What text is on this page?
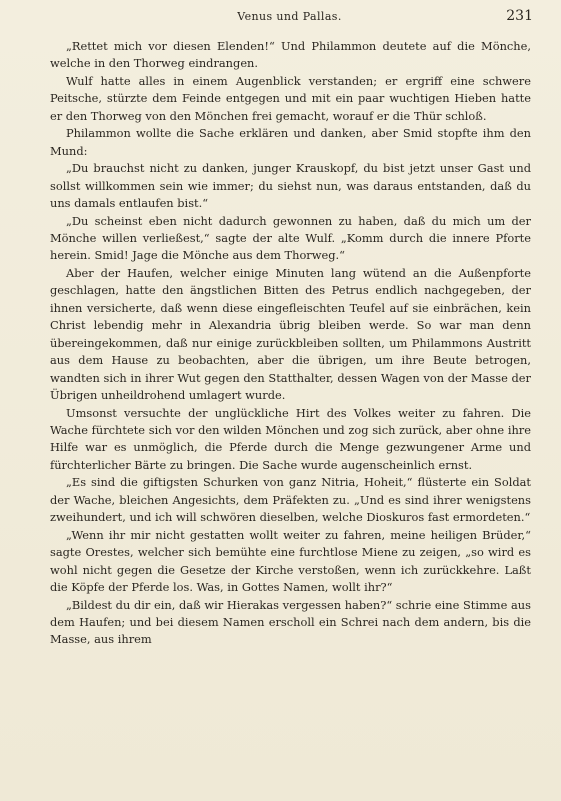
Venus und Pallas.	231

„Rettet mich vor diesen Elenden!“ Und Philammon deutete auf die Mönche, welche in den Thorweg eindrangen.

Wulf hatte alles in einem Augenblick verstanden; er ergriff eine schwere Peitsche, stürzte dem Feinde entgegen und mit ein paar wuchtigen Hieben hatte er den Thorweg von den Mönchen frei gemacht, worauf er die Thür schloß.

Philammon wollte die Sache erklären und danken, aber Smid stopfte ihm den Mund:

„Du brauchst nicht zu danken, junger Krauskopf, du bist jetzt unser Gast und sollst willkommen sein wie immer; du siehst nun, was daraus entstanden, daß du uns damals entlaufen bist.“

„Du scheinst eben nicht dadurch gewonnen zu haben, daß du mich um der Mönche willen verließest,“ sagte der alte Wulf. „Komm durch die innere Pforte herein. Smid! Jage die Mönche aus dem Thorweg.“

Aber der Haufen, welcher einige Minuten lang wütend an die Außenpforte geschlagen, hatte den ängstlichen Bitten des Petrus endlich nachgegeben, der ihnen versicherte, daß wenn diese eingefleischten Teufel auf sie einbrächen, kein Christ lebendig mehr in Alexandria übrig bleiben werde. So war man denn übereingekommen, daß nur einige zurückbleiben sollten, um Philammons Austritt aus dem Hause zu beobachten, aber die übrigen, um ihre Beute betrogen, wandten sich in ihrer Wut gegen den Statthalter, dessen Wagen von der Masse der Übrigen unheildrohend umlagert wurde.

Umsonst versuchte der unglückliche Hirt des Volkes weiter zu fahren. Die Wache fürchtete sich vor den wilden Mönchen und zog sich zurück, aber ohne ihre Hilfe war es unmöglich, die Pferde durch die Menge gezwungener Arme und fürchterlicher Bärte zu bringen. Die Sache wurde augenscheinlich ernst.

„Es sind die giftigsten Schurken von ganz Nitria, Hoheit,“ flüsterte ein Soldat der Wache, bleichen Angesichts, dem Präfekten zu. „Und es sind ihrer wenigstens zweihundert, und ich will schwören dieselben, welche Dioskuros fast ermordeten.“

„Wenn ihr mir nicht gestatten wollt weiter zu fahren, meine heiligen Brüder,“ sagte Orestes, welcher sich bemühte eine furchtlose Miene zu zeigen, „so wird es wohl nicht gegen die Gesetze der Kirche verstoßen, wenn ich zurückkehre. Laßt die Köpfe der Pferde los. Was, in Gottes Namen, wollt ihr?“

„Bildest du dir ein, daß wir Hierakas vergessen haben?“ schrie eine Stimme aus dem Haufen; und bei diesem Namen erscholl ein Schrei nach dem andern, bis die Masse, aus ihrem
